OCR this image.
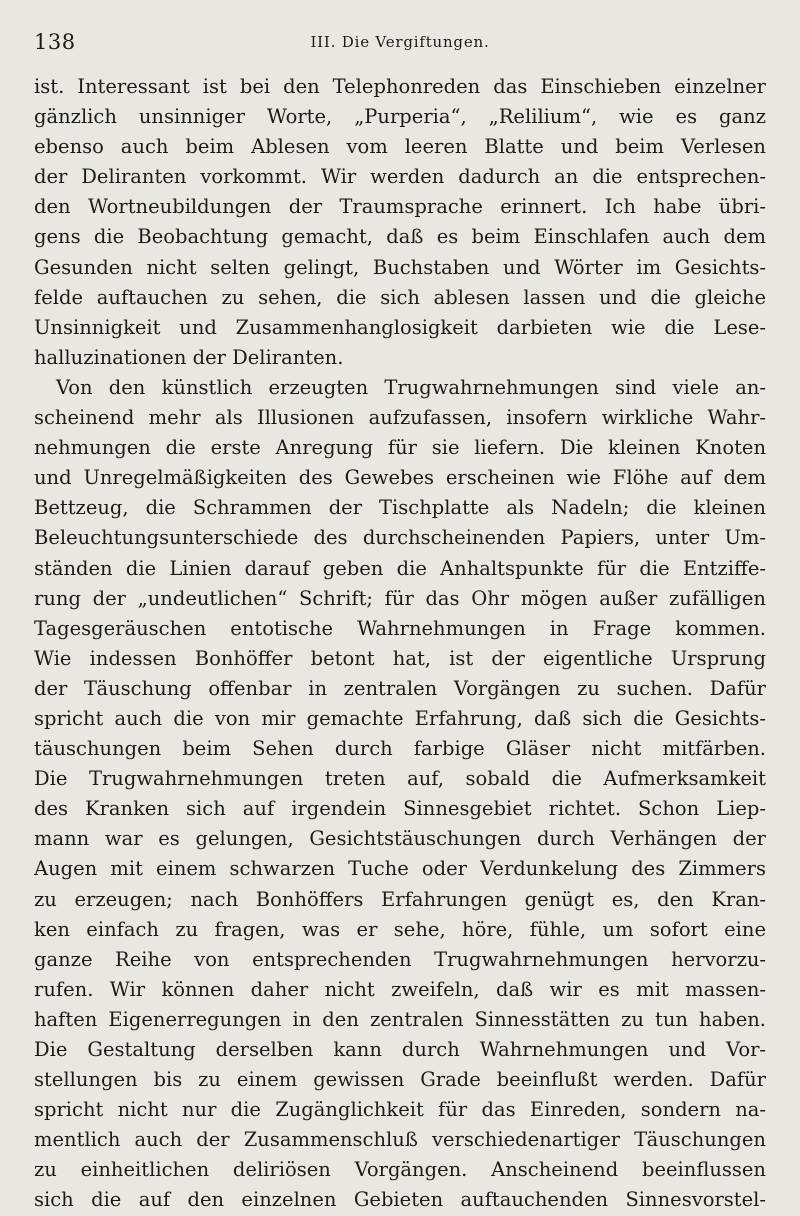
138	III. Die Vergiftungen.
ist. Interessant ist bei den Telephonreden das Einschieben einzelner
gänzlich unsinniger Worte, „Purperia“, „Relilium“, wie es ganz
ebenso auch beim Ablesen vom leeren Blatte und beim Verlesen
der Deliranten vorkommt. Wir werden dadurch an die entsprechen-
den Wortneubildungen der Traumsprache erinnert. Ich habe übri-
gens die Beobachtung gemacht, daß es beim Einschlafen auch dem
Gesunden nicht selten gelingt, Buchstaben und Wörter im Gesichts-
felde auftauchen zu sehen, die sich ablesen lassen und die gleiche
Unsinnigkeit und Zusammenhanglosigkeit darbieten wie die Lese-
halluzinationen der Deliranten.
Von den künstlich erzeugten Trugwahrnehmungen sind viele an-
scheinend mehr als Illusionen aufzufassen, insofern wirkliche Wahr-
nehmungen die erste Anregung für sie liefern. Die kleinen Knoten
und Unregelmäßigkeiten des Gewebes erscheinen wie Flöhe auf dem
Bettzeug, die Schrammen der Tischplatte als Nadeln; die kleinen
Beleuchtungsunterschiede des durchscheinenden Papiers, unter Um-
ständen die Linien darauf geben die Anhaltspunkte für die Entziffe-
rung der „undeutlichen“ Schrift; für das Ohr mögen außer zufälligen
Tagesgeräuschen entotische Wahrnehmungen in Frage kommen.
Wie indessen Bonhöffer betont hat, ist der eigentliche Ursprung
der Täuschung offenbar in zentralen Vorgängen zu suchen. Dafür
spricht auch die von mir gemachte Erfahrung, daß sich die Gesichts-
täuschungen beim Sehen durch farbige Gläser nicht mitfärben.
Die Trugwahrnehmungen treten auf, sobald die Aufmerksamkeit
des Kranken sich auf irgendein Sinnesgebiet richtet. Schon Liep-
mann war es gelungen, Gesichtstäuschungen durch Verhängen der
Augen mit einem schwarzen Tuche oder Verdunkelung des Zimmers
zu erzeugen; nach Bonhöffers Erfahrungen genügt es, den Kran-
ken einfach zu fragen, was er sehe, höre, fühle, um sofort eine
ganze Reihe von entsprechenden Trugwahrnehmungen hervorzu-
rufen. Wir können daher nicht zweifeln, daß wir es mit massen-
haften Eigenerregungen in den zentralen Sinnesstätten zu tun haben.
Die Gestaltung derselben kann durch Wahrnehmungen und Vor-
stellungen bis zu einem gewissen Grade beeinflußt werden. Dafür
spricht nicht nur die Zugänglichkeit für das Einreden, sondern na-
mentlich auch der Zusammenschluß verschiedenartiger Täuschungen
zu einheitlichen deliriösen Vorgängen. Anscheinend beeinflussen
sich die auf den einzelnen Gebieten auftauchenden Sinnesvorstel-
